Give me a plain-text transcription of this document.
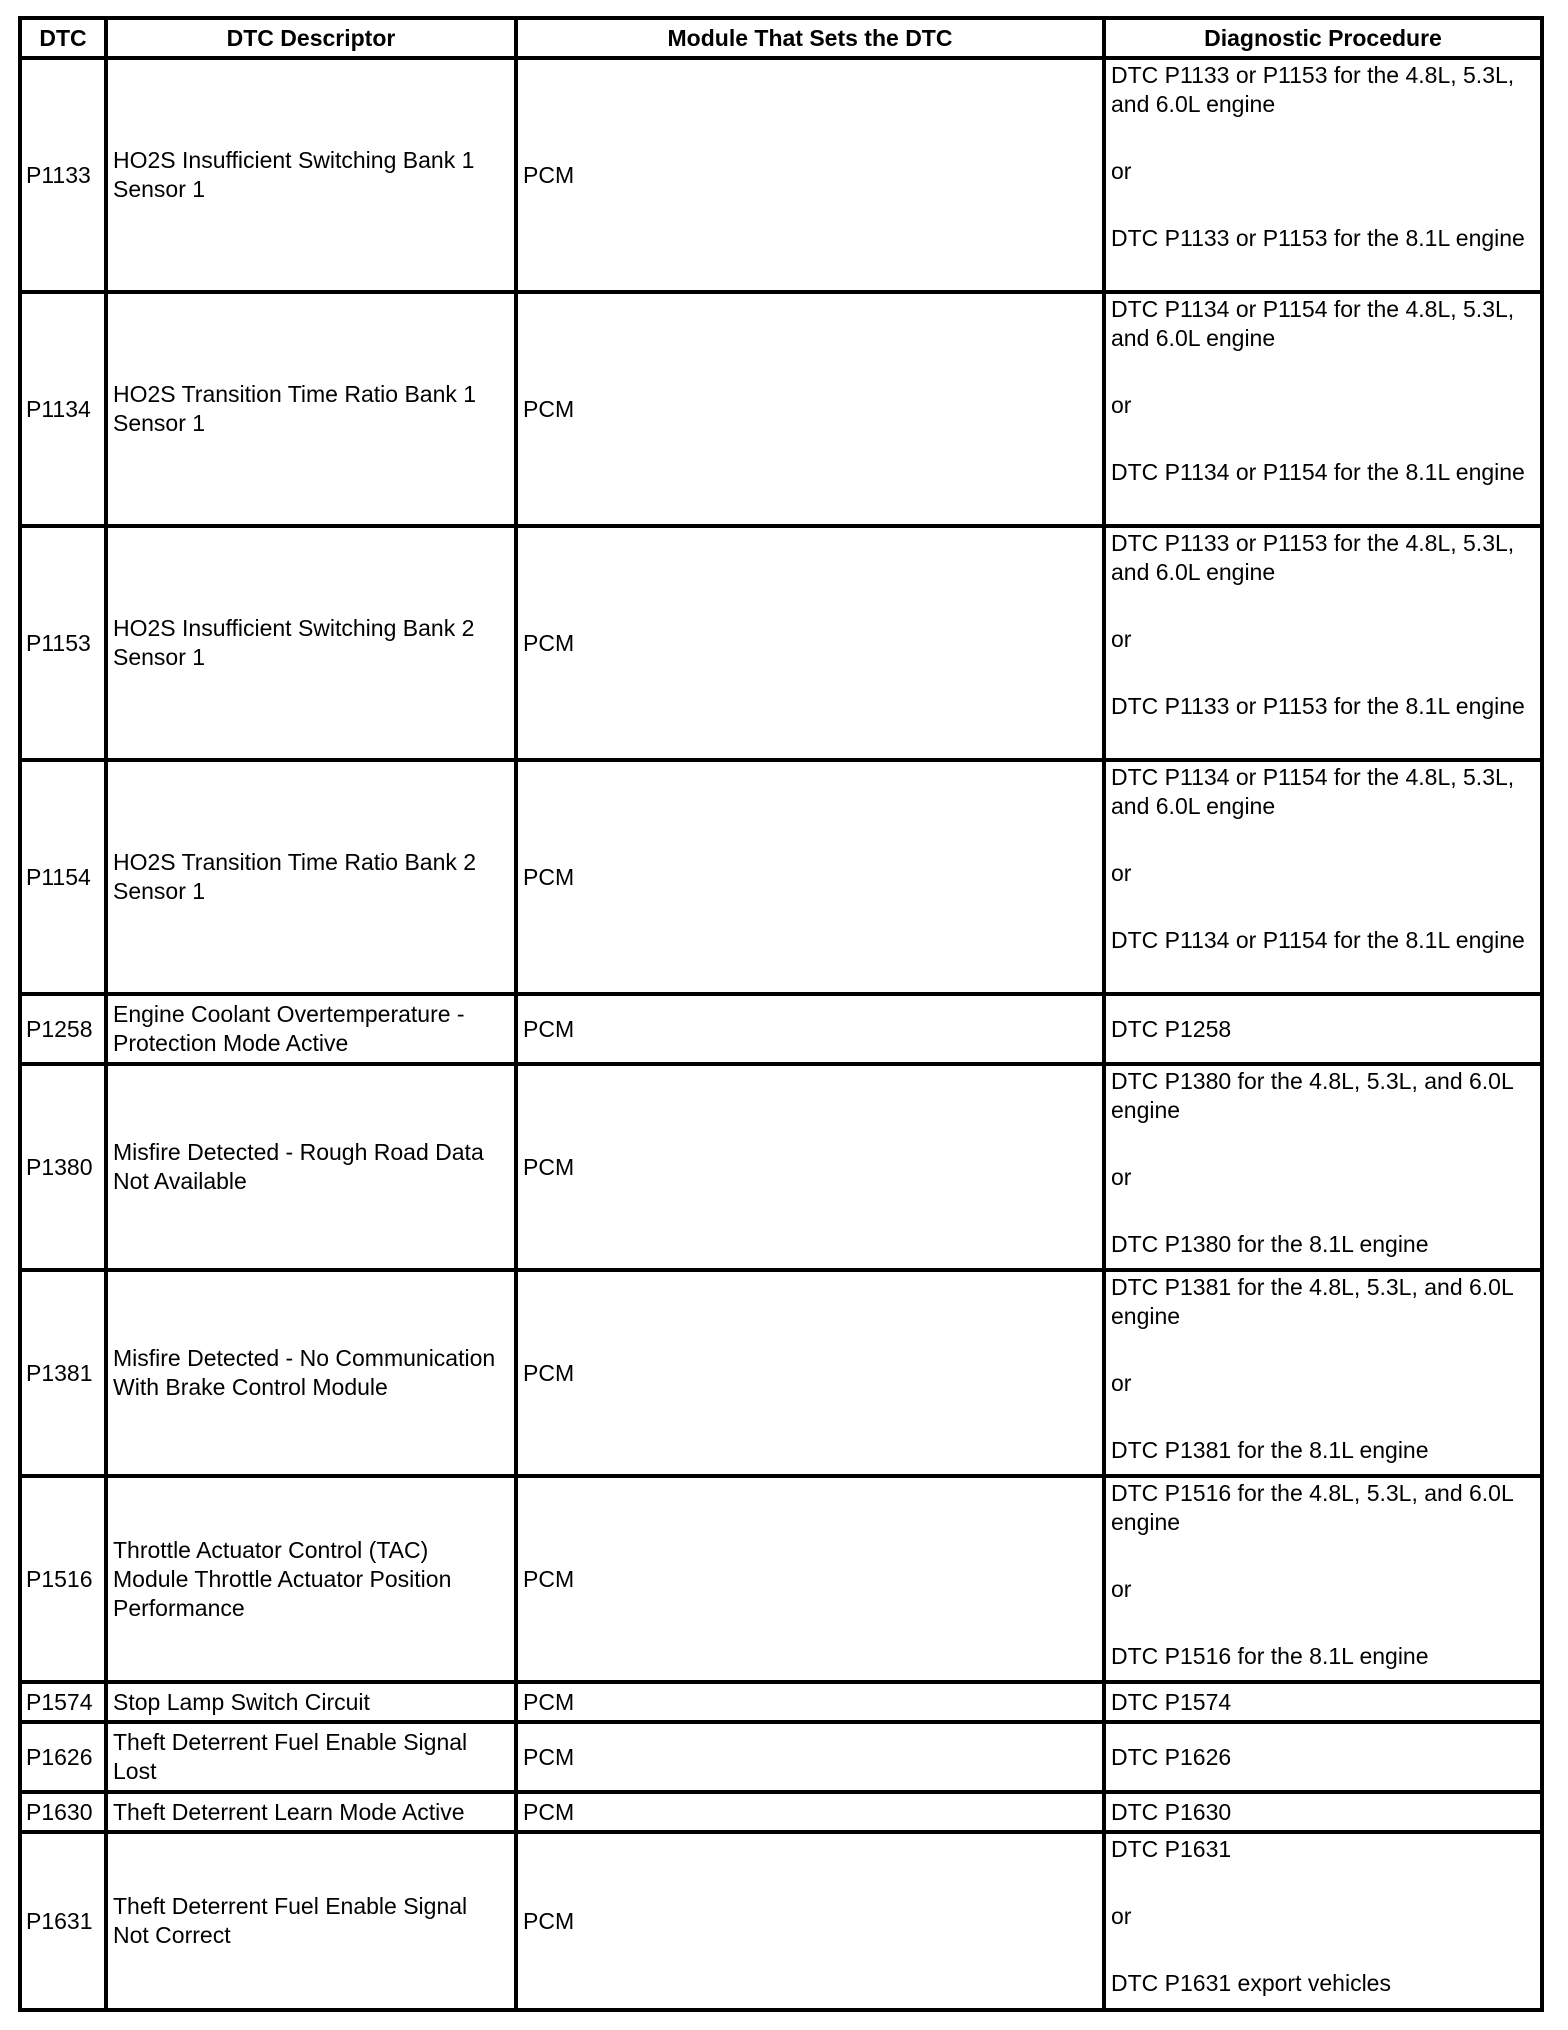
DTC	DTC Descriptor	Module That Sets the DTC	Diagnostic Procedure
P1133	HO2S Insufficient Switching Bank 1 Sensor 1	PCM	DTC P1133 or P1153 for the 4.8L, 5.3L, and 6.0L engine
or
DTC P1133 or P1153 for the 8.1L engine

P1134	HO2S Transition Time Ratio Bank 1 Sensor 1	PCM	DTC P1134 or P1154 for the 4.8L, 5.3L, and 6.0L engine
or
DTC P1134 or P1154 for the 8.1L engine

P1153	HO2S Insufficient Switching Bank 2 Sensor 1	PCM	DTC P1133 or P1153 for the 4.8L, 5.3L, and 6.0L engine
or
DTC P1133 or P1153 for the 8.1L engine

P1154	HO2S Transition Time Ratio Bank 2 Sensor 1	PCM	DTC P1134 or P1154 for the 4.8L, 5.3L, and 6.0L engine
or
DTC P1134 or P1154 for the 8.1L engine

P1258	Engine Coolant Overtemperature - Protection Mode Active	PCM	DTC P1258

P1380	Misfire Detected - Rough Road Data Not Available	PCM	DTC P1380 for the 4.8L, 5.3L, and 6.0L engine
or
DTC P1380 for the 8.1L engine

P1381	Misfire Detected - No Communication With Brake Control Module	PCM	DTC P1381 for the 4.8L, 5.3L, and 6.0L engine
or
DTC P1381 for the 8.1L engine

P1516	Throttle Actuator Control (TAC) Module Throttle Actuator Position Performance	PCM	DTC P1516 for the 4.8L, 5.3L, and 6.0L engine
or
DTC P1516 for the 8.1L engine

P1574	Stop Lamp Switch Circuit	PCM	DTC P1574

P1626	Theft Deterrent Fuel Enable Signal Lost	PCM	DTC P1626

P1630	Theft Deterrent Learn Mode Active	PCM	DTC P1630

P1631	Theft Deterrent Fuel Enable Signal Not Correct	PCM	DTC P1631
or
DTC P1631 export vehicles
